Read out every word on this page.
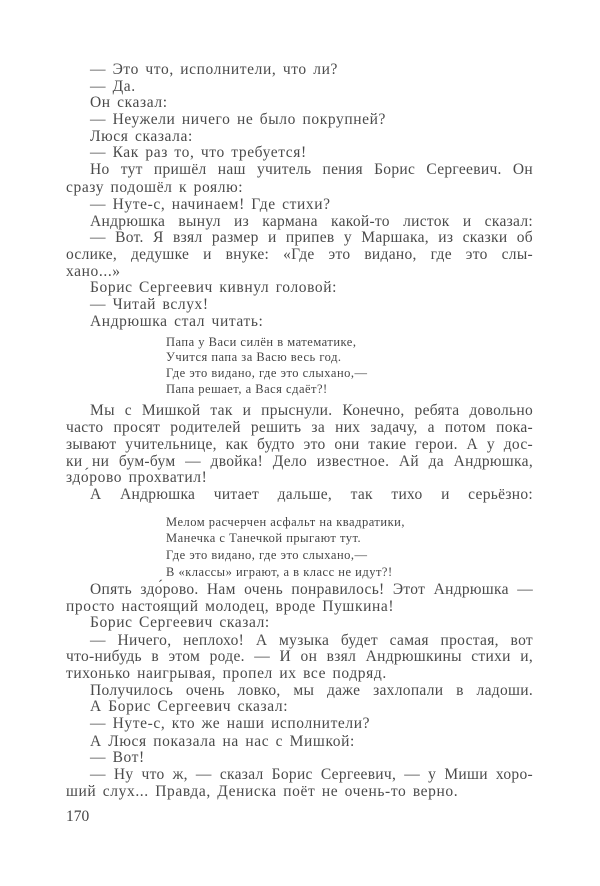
— Это что, исполнители, что ли?
— Да.
Он сказал:
— Неужели ничего не было покрупней?
Люся сказала:
— Как раз то, что требуется!
Но тут пришёл наш учитель пения Борис Сергеевич. Он
сразу подошёл к роялю:
— Нуте-с, начинаем! Где стихи?
Андрюшка вынул из кармана какой-то листок и сказал:
— Вот. Я взял размер и припев у Маршака, из сказки об
ослике, дедушке и внуке: «Где это видано, где это слы-
хано...»
Борис Сергеевич кивнул головой:
— Читай вслух!
Андрюшка стал читать:
Папа у Васи силён в математике,
Учится папа за Васю весь год.
Где это видано, где это слыхано,—
Папа решает, а Вася сдаёт?!
Мы с Мишкой так и прыснули. Конечно, ребята довольно
часто просят родителей решить за них задачу, а потом пока-
зывают учительнице, как будто это они такие герои. А у дос-
ки ни бум-бум — двойка! Дело известное. Ай да Андрюшка,
здо́рово прохватил!
А Андрюшка читает дальше, так тихо и серьёзно:
Мелом расчерчен асфальт на квадратики,
Манечка с Танечкой прыгают тут.
Где это видано, где это слыхано,—
В «классы» играют, а в класс не идут?!
Опять здо́рово. Нам очень понравилось! Этот Андрюшка —
просто настоящий молодец, вроде Пушкина!
Борис Сергеевич сказал:
— Ничего, неплохо! А музыка будет самая простая, вот
что-нибудь в этом роде. — И он взял Андрюшкины стихи и,
тихонько наигрывая, пропел их все подряд.
Получилось очень ловко, мы даже захлопали в ладоши.
А Борис Сергеевич сказал:
— Нуте-с, кто же наши исполнители?
А Люся показала на нас с Мишкой:
— Вот!
— Ну что ж, — сказал Борис Сергеевич, — у Миши хоро-
ший слух... Правда, Дениска поёт не очень-то верно.
170
